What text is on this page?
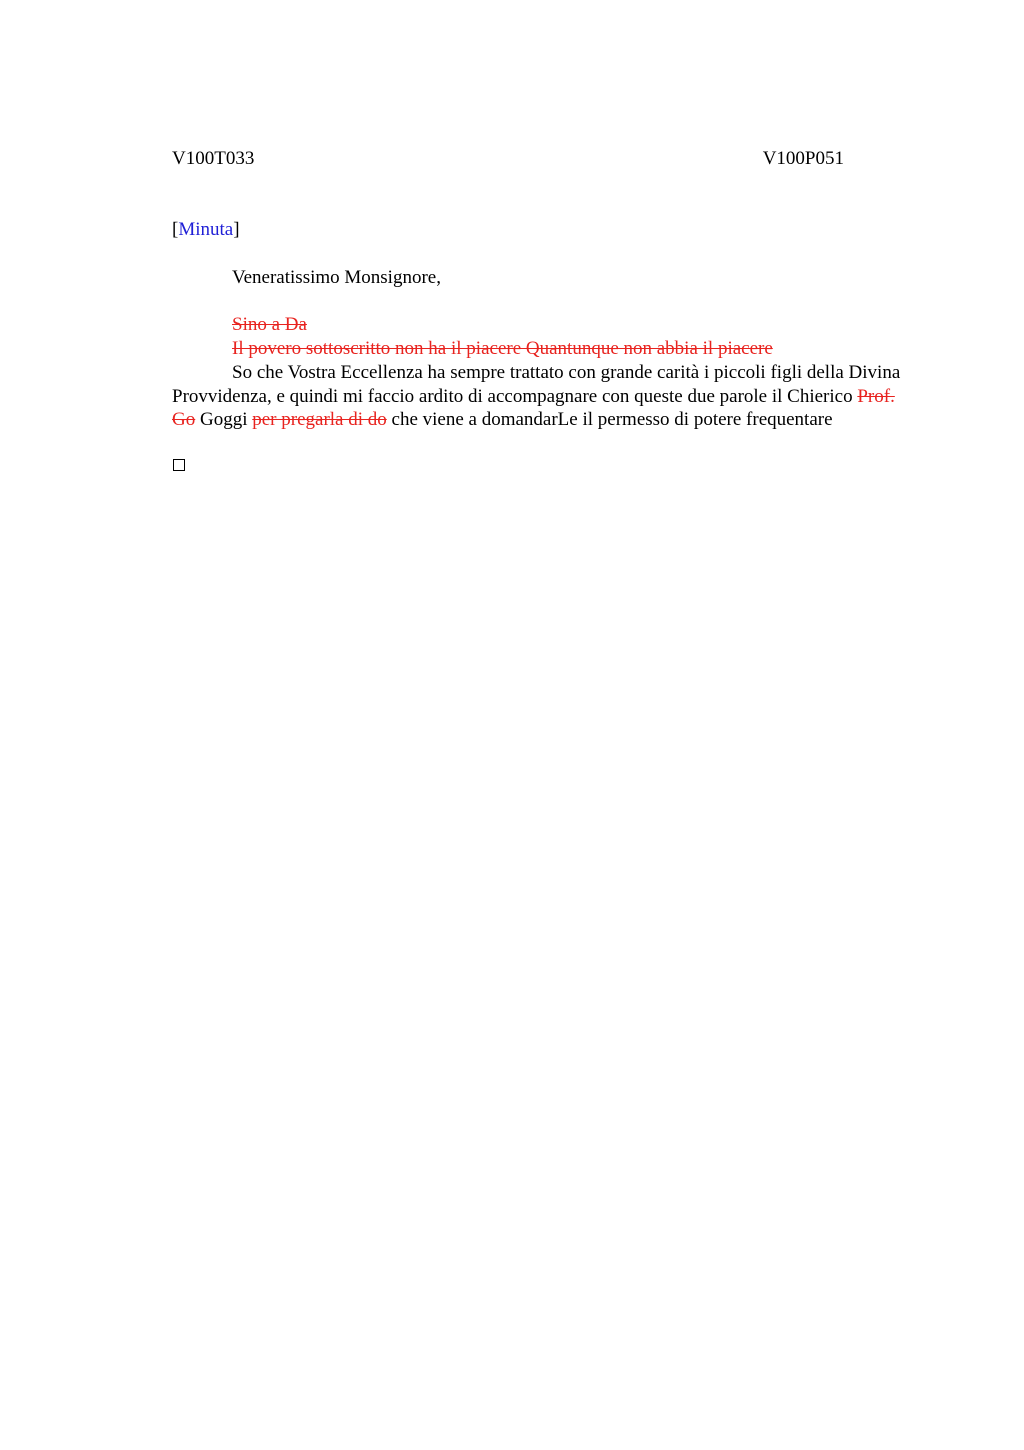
V100T033	V100P051
[Minuta]
Veneratissimo Monsignore,
Sino a Da
Il povero sottoscritto non ha il piacere Quantunque non abbia il piacere

So che Vostra Eccellenza ha sempre trattato con grande carità i piccoli figli della Divina Provvidenza, e quindi mi faccio ardito di accompagnare con queste due parole il Chierico Prof. Go Goggi per pregarla di do che viene a domandarLe il permesso di potere frequentare
